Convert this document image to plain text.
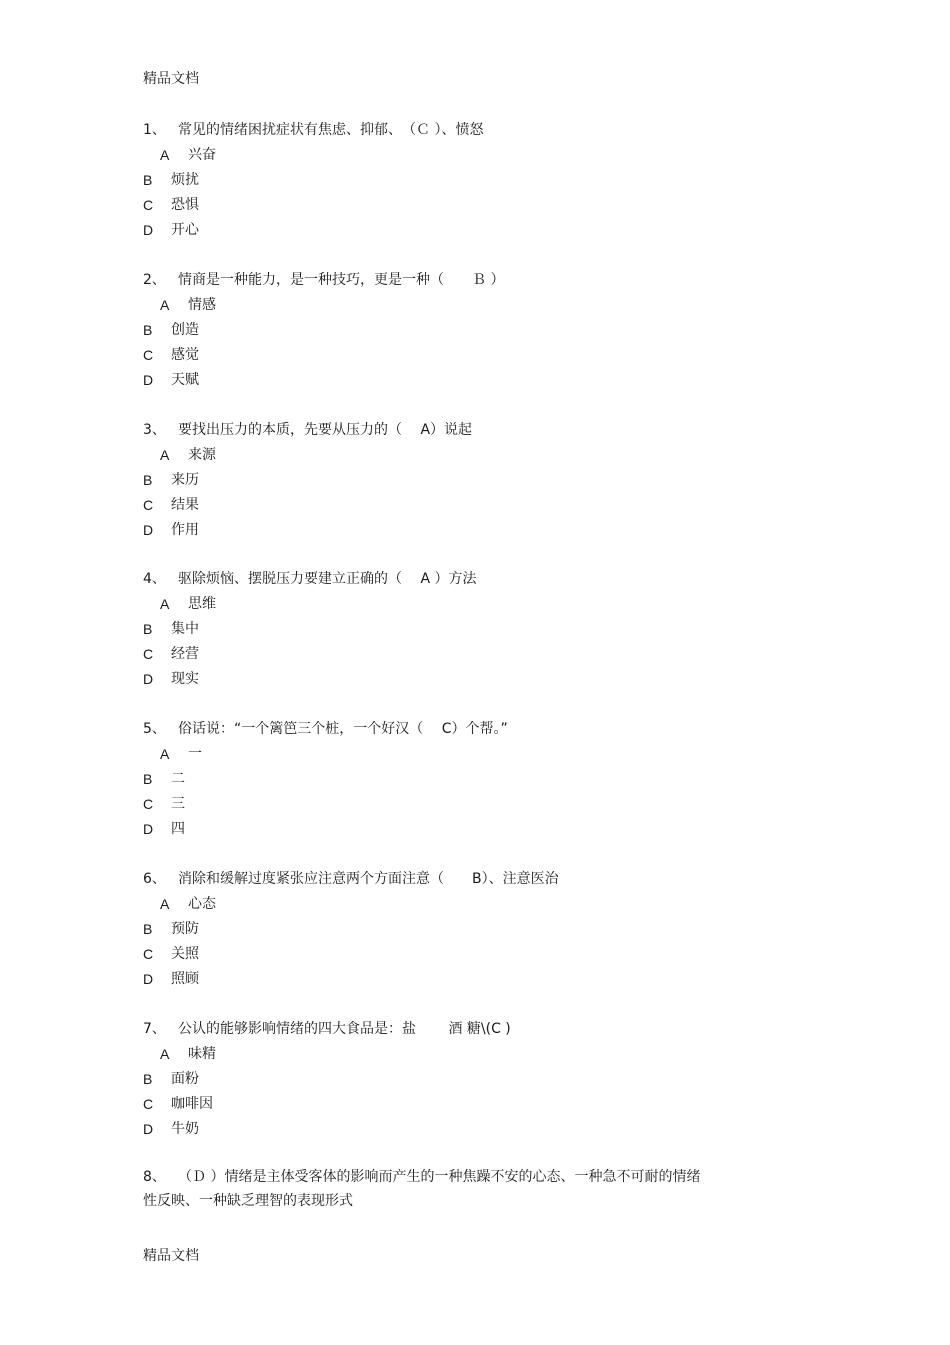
精品文档
1、 常见的情绪困扰症状有焦虑、抑郁、　（Ｃ ）、愤怒
A 兴奋
B 烦扰
C 恐惧
D 开心
2、 情商是一种能力，是一种技巧，更是一种（　　Ｂ ）
A 情感
B 创造
C 感觉
D 天赋
3、 要找出压力的本质，先要从压力的（　 A）说起
A 来源
B 来历
C 结果
D 作用
4、 驱除烦恼、摆脱压力要建立正确的（　 A ）方法
A 思维
B 集中
C 经营
D 现实
5、 俗话说：“一个篱笆三个桩，一个好汉（　 C）个帮。”
A 一
B 二
C 三
D 四
6、 消除和缓解过度紧张应注意两个方面注意（　　B）、注意医治
A 心态
B 预防
C 关照
D 照顾
7、 公认的能够影响情绪的四大食品是：盐　　 酒 糖\(C )
A 味精
B 面粉
C 咖啡因
D 牛奶
8、 （Ｄ ）情绪是主体受客体的影响而产生的一种焦躁不安的心态、一种急不可耐的情绪
性反映、一种缺乏理智的表现形式
精品文档
